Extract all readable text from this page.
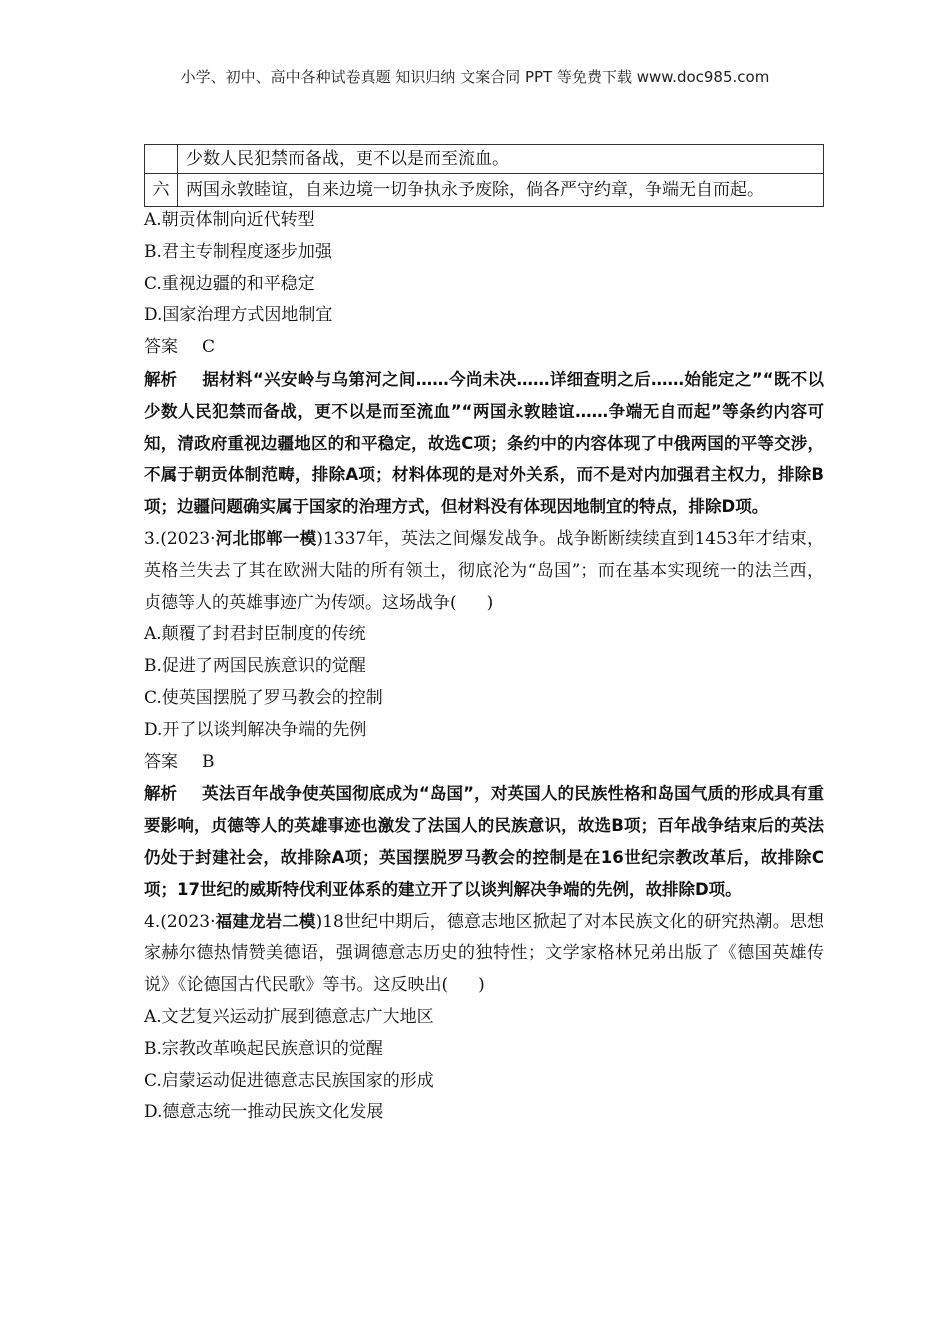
小学、初中、高中各种试卷真题 知识归纳 文案合同 PPT 等免费下载 www.doc985.com
	少数人民犯禁而备战，更不以是而至流血。
六	两国永敦睦谊，自来边境一切争执永予废除，倘各严守约章，争端无自而起。

A.朝贡体制向近代转型

B.君主专制程度逐步加强

C.重视边疆的和平稳定

D.国家治理方式因地制宜

答案 C

解析 据材料“兴安岭与乌第河之间……今尚未决……详细查明之后……始能定之”“既不以少数人民犯禁而备战，更不以是而至流血”“两国永敦睦谊……争端无自而起”等条约内容可知，清政府重视边疆地区的和平稳定，故选C项；条约中的内容体现了中俄两国的平等交涉，不属于朝贡体制范畴，排除A项；材料体现的是对外关系，而不是对内加强君主权力，排除B项；边疆问题确实属于国家的治理方式，但材料没有体现因地制宜的特点，排除D项。

3.(2023·河北邯郸一模)1337年，英法之间爆发战争。战争断断续续直到1453年才结束，英格兰失去了其在欧洲大陆的所有领土，彻底沦为“岛国”；而在基本实现统一的法兰西，贞德等人的英雄事迹广为传颂。这场战争( )

A.颠覆了封君封臣制度的传统

B.促进了两国民族意识的觉醒

C.使英国摆脱了罗马教会的控制

D.开了以谈判解决争端的先例

答案 B

解析 英法百年战争使英国彻底成为“岛国”，对英国人的民族性格和岛国气质的形成具有重要影响，贞德等人的英雄事迹也激发了法国人的民族意识，故选B项；百年战争结束后的英法仍处于封建社会，故排除A项；英国摆脱罗马教会的控制是在16世纪宗教改革后，故排除C项；17世纪的威斯特伐利亚体系的建立开了以谈判解决争端的先例，故排除D项。

4.(2023·福建龙岩二模)18世纪中期后，德意志地区掀起了对本民族文化的研究热潮。思想家赫尔德热情赞美德语，强调德意志历史的独特性；文学家格林兄弟出版了《德国英雄传说》《论德国古代民歌》等书。这反映出( )

A.文艺复兴运动扩展到德意志广大地区

B.宗教改革唤起民族意识的觉醒

C.启蒙运动促进德意志民族国家的形成

D.德意志统一推动民族文化发展
